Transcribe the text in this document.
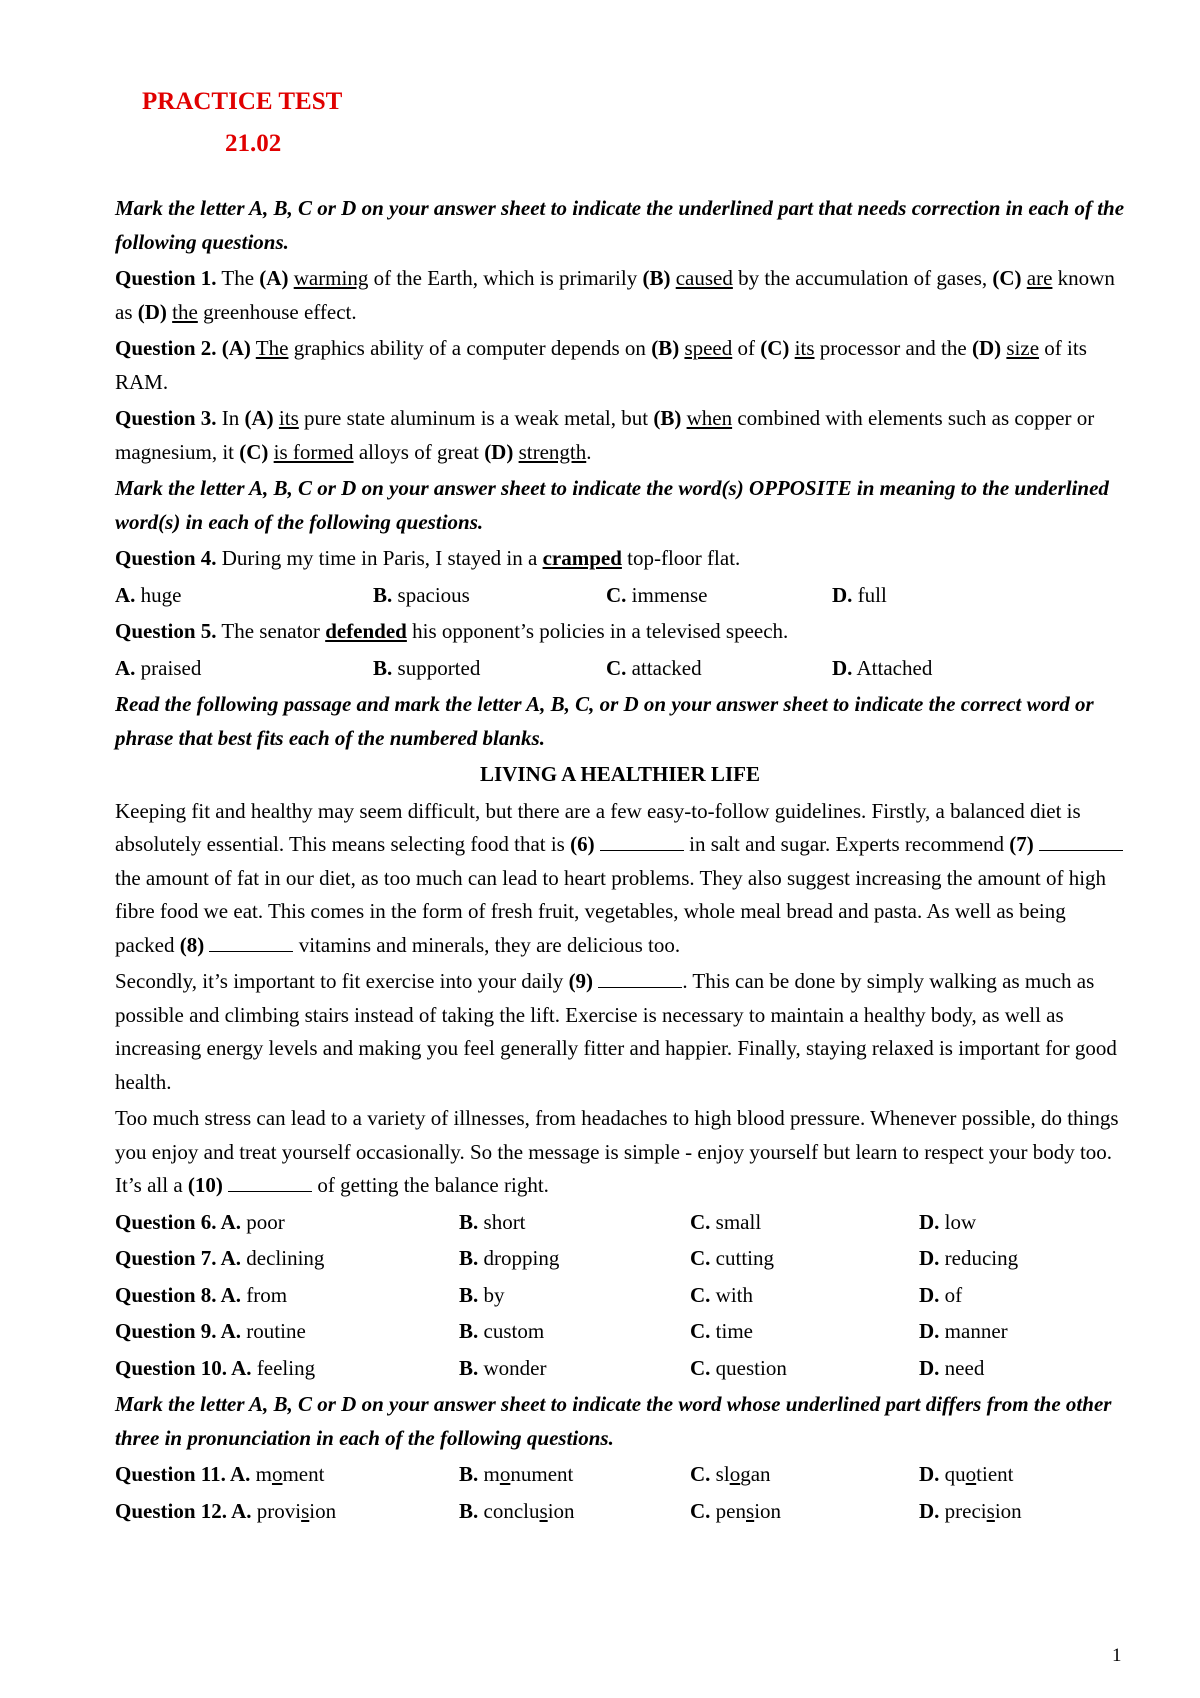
PRACTICE TEST
21.02

Mark the letter A, B, C or D on your answer sheet to indicate the underlined part that needs correction in each of the following questions.

Question 1. The (A) warming of the Earth, which is primarily (B) caused by the accumulation of gases, (C) are known as (D) the greenhouse effect.

Question 2. (A) The graphics ability of a computer depends on (B) speed of (C) its processor and the (D) size of its RAM.

Question 3. In (A) its pure state aluminum is a weak metal, but (B) when combined with elements such as copper or magnesium, it (C) is formed alloys of great (D) strength.

Mark the letter A, B, C or D on your answer sheet to indicate the word(s) OPPOSITE in meaning to the underlined word(s) in each of the following questions.

Question 4. During my time in Paris, I stayed in a cramped top-floor flat.

A. huge	B. spacious	C. immense	D. full

Question 5. The senator defended his opponent’s policies in a televised speech.

A. praised	B. supported	C. attacked	D. Attached

Read the following passage and mark the letter A, B, C, or D on your answer sheet to indicate the correct word or phrase that best fits each of the numbered blanks.

LIVING A HEALTHIER LIFE

Keeping fit and healthy may seem difficult, but there are a few easy-to-follow guidelines. Firstly, a balanced diet is absolutely essential. This means selecting food that is (6)	in salt and sugar. Experts recommend (7)  the amount of fat in our diet, as too much can lead to heart problems. They also suggest increasing the amount of high fibre food we eat. This comes in the form of fresh fruit, vegetables, whole meal bread and pasta. As well as being packed (8)	vitamins and minerals, they are delicious too.

Secondly, it’s important to fit exercise into your daily (9)	. This can be done by simply walking as much as possible and climbing stairs instead of taking the lift. Exercise is necessary to maintain a healthy body, as well as increasing energy levels and making you feel generally fitter and happier. Finally, staying relaxed is important for good health.

Too much stress can lead to a variety of illnesses, from headaches to high blood pressure. Whenever possible, do things you enjoy and treat yourself occasionally. So the message is simple - enjoy yourself but learn to respect your body too. It’s all a (10)	of getting the balance right.

Question 6. A. poor	B. short	C. small	D. low
Question 7. A. declining	B. dropping	C. cutting	D. reducing
Question 8. A. from	B. by	C. with	D. of
Question 9. A. routine	B. custom	C. time	D. manner
Question 10. A. feeling	B. wonder	C. question	D. need

Mark the letter A, B, C or D on your answer sheet to indicate the word whose underlined part differs from the other three in pronunciation in each of the following questions.

Question 11. A. moment	B. monument	C. slogan	D. quotient
Question 12. A. provision	B. conclusion	C. pension	D. precision
1
